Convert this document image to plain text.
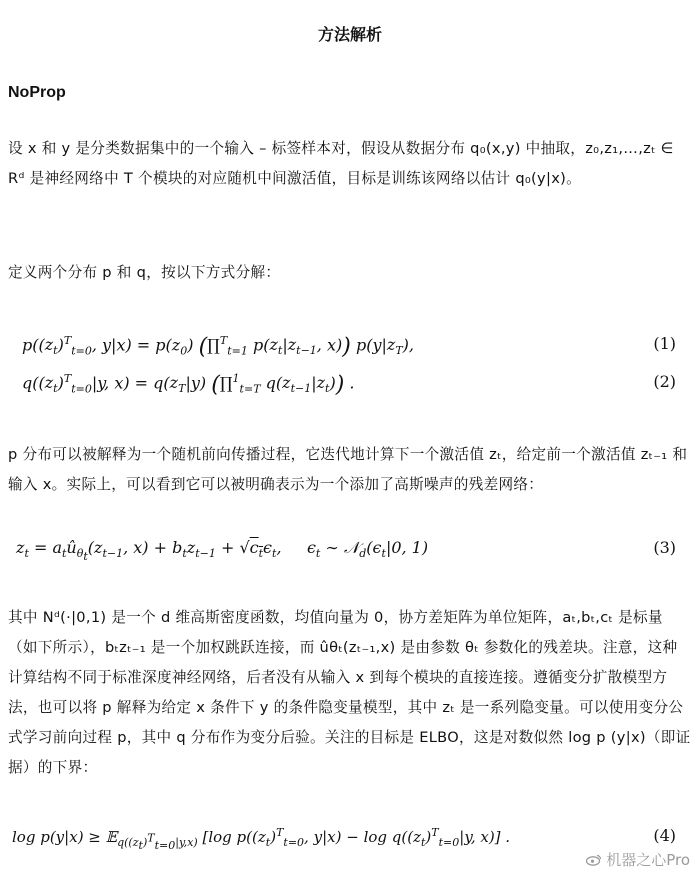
方法解析
NoProp
设 x 和 y 是分类数据集中的一个输入 – 标签样本对，假设从数据分布 q₀(x,y) 中抽取，z₀,z₁,…,zₜ ∈ Rᵈ 是神经网络中 T 个模块的对应随机中间激活值，目标是训练该网络以估计 q₀(y|x)。
定义两个分布 p 和 q，按以下方式分解：
$p((z_t)^T_{t=0}$, $y|x) = p(z_0)$ (∏$^T_{t=1}$ $p(z_t|z_{t-1}$, x)) $p(y|z_T)$,	(1)
$q((z_t)^T_{t=0}|y$, $x) = q(z_T|y)$ (∏$^1_{t=T}$ $q(z_{t-1}|z_t)$) .	(2)
p 分布可以被解释为一个随机前向传播过程，它迭代地计算下一个激活值 zₜ，给定前一个激活值 zₜ₋₁ 和输入 x。实际上，可以看到它可以被明确表示为一个添加了高斯噪声的残差网络：
$z_t$ = $a_tû_{\theta t}(z_{t-1}$, $x) + b_tz_{t-1} + √c_t\epsilon_t$,     $\epsilon_t$ ∼ $𝒩_d(\epsilon_t|0$, 1)	(3)
其中 Nᵈ(·|0,1) 是一个 d 维高斯密度函数，均值向量为 0，协方差矩阵为单位矩阵，aₜ,bₜ,cₜ 是标量（如下所示），bₜzₜ₋₁ 是一个加权跳跃连接，而 ûθₜ(zₜ₋₁,x) 是由参数 θₜ 参数化的残差块。注意，这种计算结构不同于标准深度神经网络，后者没有从输入 x 到每个模块的直接连接。遵循变分扩散模型方法，也可以将 p 解释为给定 x 条件下 y 的条件隐变量模型，其中 zₜ 是一系列隐变量。可以使用变分公式学习前向过程 p，其中 q 分布作为变分后验。关注的目标是 ELBO，这是对数似然 log p (y|x)（即证据）的下界：
log p(y|x) ≥ 𝔼$_{q((zt)Tt=0|y,x)}$ [log $p((z_t)^T_{t=0}$, $y|x) - \log q((z_t)^T_{t=0}|y$, x)] .	(4)
机器之心Pro
